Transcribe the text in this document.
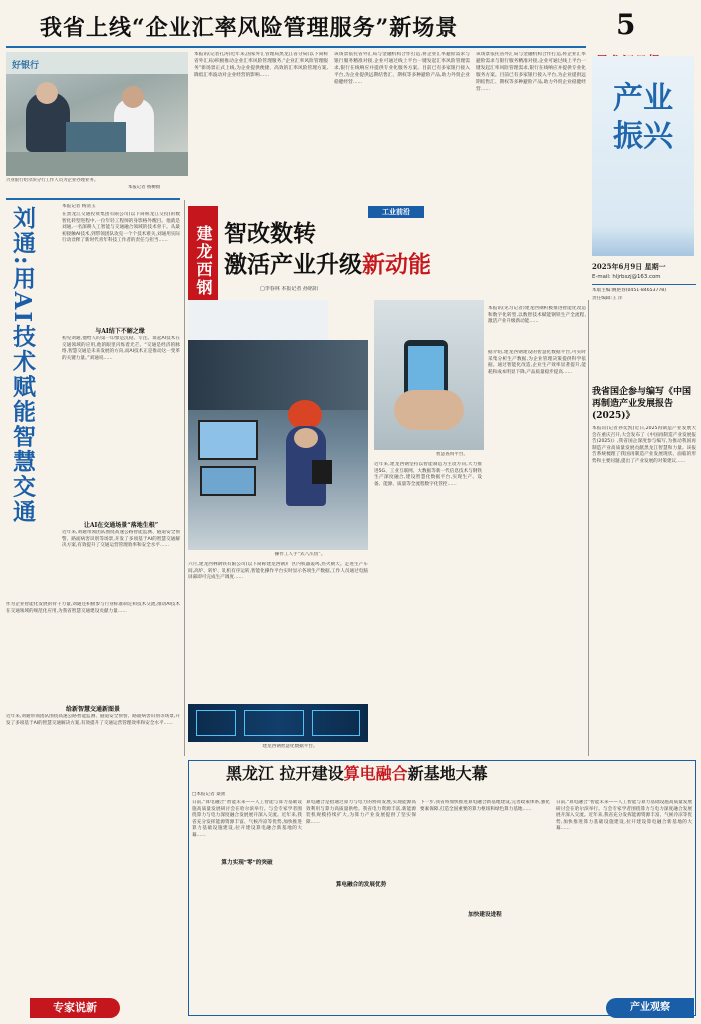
我省上线“企业汇率风险管理服务”新场景	5
好银行
兴业银行哈尔滨分行工作人员为企业办理业务。
本报记者 杨柳摄
本报讯(记者孔涛)近年来,国家外汇管理局黑龙江省分局(以下简称省外汇局)积极推动企业汇率风险管理服务,“企业汇率风险管理服务”新场景正式上线,为企业提供便捷、高效的汇率风险管理方案,降低汇率波动对企业经营的影响……
该场景依托省外汇局与金融机构合作打造,将企业汇率避险需求与银行服务精准对接,企业可通过线上平台一键发起汇率风险管理需求,银行在线响应并提供专业化服务方案。目前已有多家银行接入平台,为企业提供远期结售汇、期权等多种避险产品,助力外贸企业稳健经营……
该场景依托省外汇局与金融机构合作打造,将企业汇率避险需求与银行服务精准对接,企业可通过线上平台一键发起汇率风险管理需求,银行在线响应并提供专业化服务方案。目前已有多家银行接入平台,为企业提供远期结售汇、期权等多种避险产品,助力外贸企业稳健经营……	产业振兴
2025年6月9日 星期一
E-mail: hljrbszj@163.com
本版主编:姚艳春(0451-84653778)
责任编辑:王 洋
刘通:用AI技术赋能智慧交通	本报记者 杨清玉
在黑龙江交通投资集团有限公司(以下简称龙江交投)的数智化转型进程中,一位年轻工程师的身影格外醒目。他就是刘通,一名深耕人工智能与交通融合领域的技术骨干。从最初接触AI技术,到带领团队攻克一个个技术难关,刘通用实际行动诠释了新时代青年科技工作者的责任与担当……
与AI结下不解之缘
初见刘通,他给人的第一印象是沉稳、专注。谈起AI技术在交通领域的应用,他的眼里闪烁着光芒。“交通是经济的脉络,智慧交通是未来发展的方向,而AI技术正是推动这一变革的关键力量。”刘通说……
让AI在交通场景“落地生根”
近年来,刘通带领团队围绕高速公路智能监测、隧道安全预警、路面病害识别等场景,开发了多项基于AI的智慧交通解决方案,有效提升了交通运营管理效率和安全水平……
作为企业智能化发展的骨干力量,刘通还积极参与行业标准制定和技术交流,推动AI技术在交通领域的规范化应用,为我省智慧交通建设贡献力量……
给新智慧交通新图景
近年来,刘通带领团队围绕高速公路智能监测、隧道安全预警、路面病害识别等场景,开发了多项基于AI的智慧交通解决方案,有效提升了交通运营管理效率和安全水平……
建龙西钢
工业前沿
智改数转
激活产业升级新动能
□李春林 本报记者 孙铭阳
操作工人手“式八爪鱼”。
智慧查询平台。
本报讯(见习记者)建龙西钢积极推进智能化改造和数字化转型,以数智技术赋能钢铁生产全流程,激活产业升级新动能……
近年来,建龙西钢坚持以智能制造为主攻方向,大力推进5G、工业互联网、大数据等新一代信息技术与钢铁生产深度融合,建设智慧化数据平台,实现生产、设备、能源、质量等全流程数字化管控……
六月,建龙西林钢铁有限公司(以下简称建龙西钢)厂区内机器轰鸣,热火朝天。走进生产车间,高炉、转炉、轧机有序运转,智能化操作平台实时显示各项生产数据,工作人员通过电脑屏幕即可完成生产调度……
建龙西钢智慧化数据平台。
据介绍,建龙西钢建设的智慧化数据平台,可实时采集分析生产数据,为企业管理决策提供科学依据。通过智能化改造,企业生产效率显著提升,能耗和成本明显下降,产品质量稳步提高……
我省国企参与编写《中国再制造产业发展报告(2025)》
本报讯(记者孙奕凯)近日,2025再制造产业发展大会在重庆召开,大会发布了《中国再制造产业发展报告(2025)》,我省国企深度参与编写,为推动我国再制造产业高质量发展贡献黑龙江智慧和力量。该报告系统梳理了我国再制造产业发展现状、面临的形势和主要问题,提出了产业发展的对策建议……
黑龙江 拉开建设算电融合新基地大幕
□本报记者 桑蕾
日前,“算电融合”智能未来——人工智能与算力基础设施高质量发展研讨会在哈尔滨举行。与会专家学者围绕算力与电力深度融合发展展开深入交流。近年来,我省充分发挥能源资源丰富、气候冷凉等优势,加快推进算力基础设施建设,拉开建设算电融合新基地的大幕……
算力实现“零”的突破
算电融合是指通过算力与电力的协同发展,实现能源高效利用与算力高质量供给。我省电力资源丰富,新能源装机规模持续扩大,为算力产业发展提供了坚实保障……
算电融合的发展优势
下一步,我省将加快推进算电融合新基地建设,完善政策体系,强化要素保障,打造全国重要的算力枢纽和绿色算力基地……
加快建设进程
日前,“算电融合”智能未来——人工智能与算力基础设施高质量发展研讨会在哈尔滨举行。与会专家学者围绕算力与电力深度融合发展展开深入交流。近年来,我省充分发挥能源资源丰富、气候冷凉等优势,加快推进算力基础设施建设,拉开建设算电融合新基地的大幕……
专家说新	产业观察
